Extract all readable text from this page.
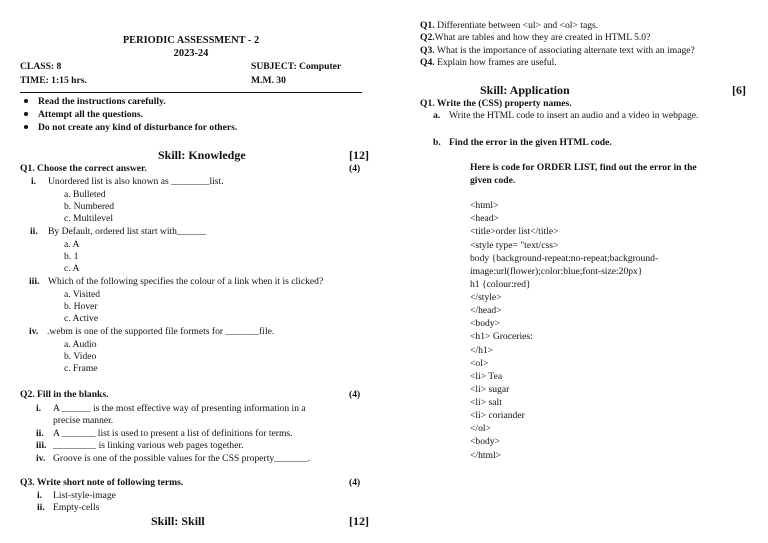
PERIODIC ASSESSMENT - 2
2023-24
CLASS: 8	SUBJECT: Computer
TIME: 1:15 hrs.	M.M. 30
Read the instructions carefully.
Attempt all the questions.
Do not create any kind of disturbance for others.
Skill: Knowledge	[12]
Q1. Choose the correct answer.	(4)
i. Unordered list is also known as ________list.
a. Bulleted
b. Numbered
c. Multilevel
ii. By Default, ordered list start with______
a. A
b. 1
c. A
iii. Which of the following specifies the colour of a link when it is clicked?
a. Visited
b. Hover
c. Active
iv. .webm is one of the supported file formets for _______file.
a. Audio
b. Video
c. Frame
Q2. Fill in the blanks.	(4)
i. A ______ is the most effective way of presenting information in a
precise manner.
ii. A _______ list is used to present a list of definitions for terms.
iii. _________ is linking various web pages together.
iv. Groove is one of the possible values for the CSS property_______.
Q3. Write short note of following terms.	(4)
i. List-style-image
ii. Empty-cells
Skill: Skill	[12]
Q1. Differentiate between <ul> and <ol> tags.
Q2.What are tables and how they are created in HTML 5.0?
Q3. What is the importance of associating alternate text with an image?
Q4. Explain how frames are useful.
Skill: Application	[6]
Q1. Write the (CSS) property names.
a. Write the HTML code to insert an audio and a video in webpage.
b. Find the error in the given HTML code.
Here is code for ORDER LIST, find out the error in the
given code.
<html>
<head>
<title>order list</title>
<style type= "text/css>
body {background-repeat:no-repeat;background-
image:url(flower);color:blue;font-size:20px}
h1 {colour:red}
</style>
</head>
<body>
<h1> Groceries:
</h1>
<ol>
<li> Tea
<li> sugar
<li> salt
<li> coriander
</ol>
<body>
</html>
